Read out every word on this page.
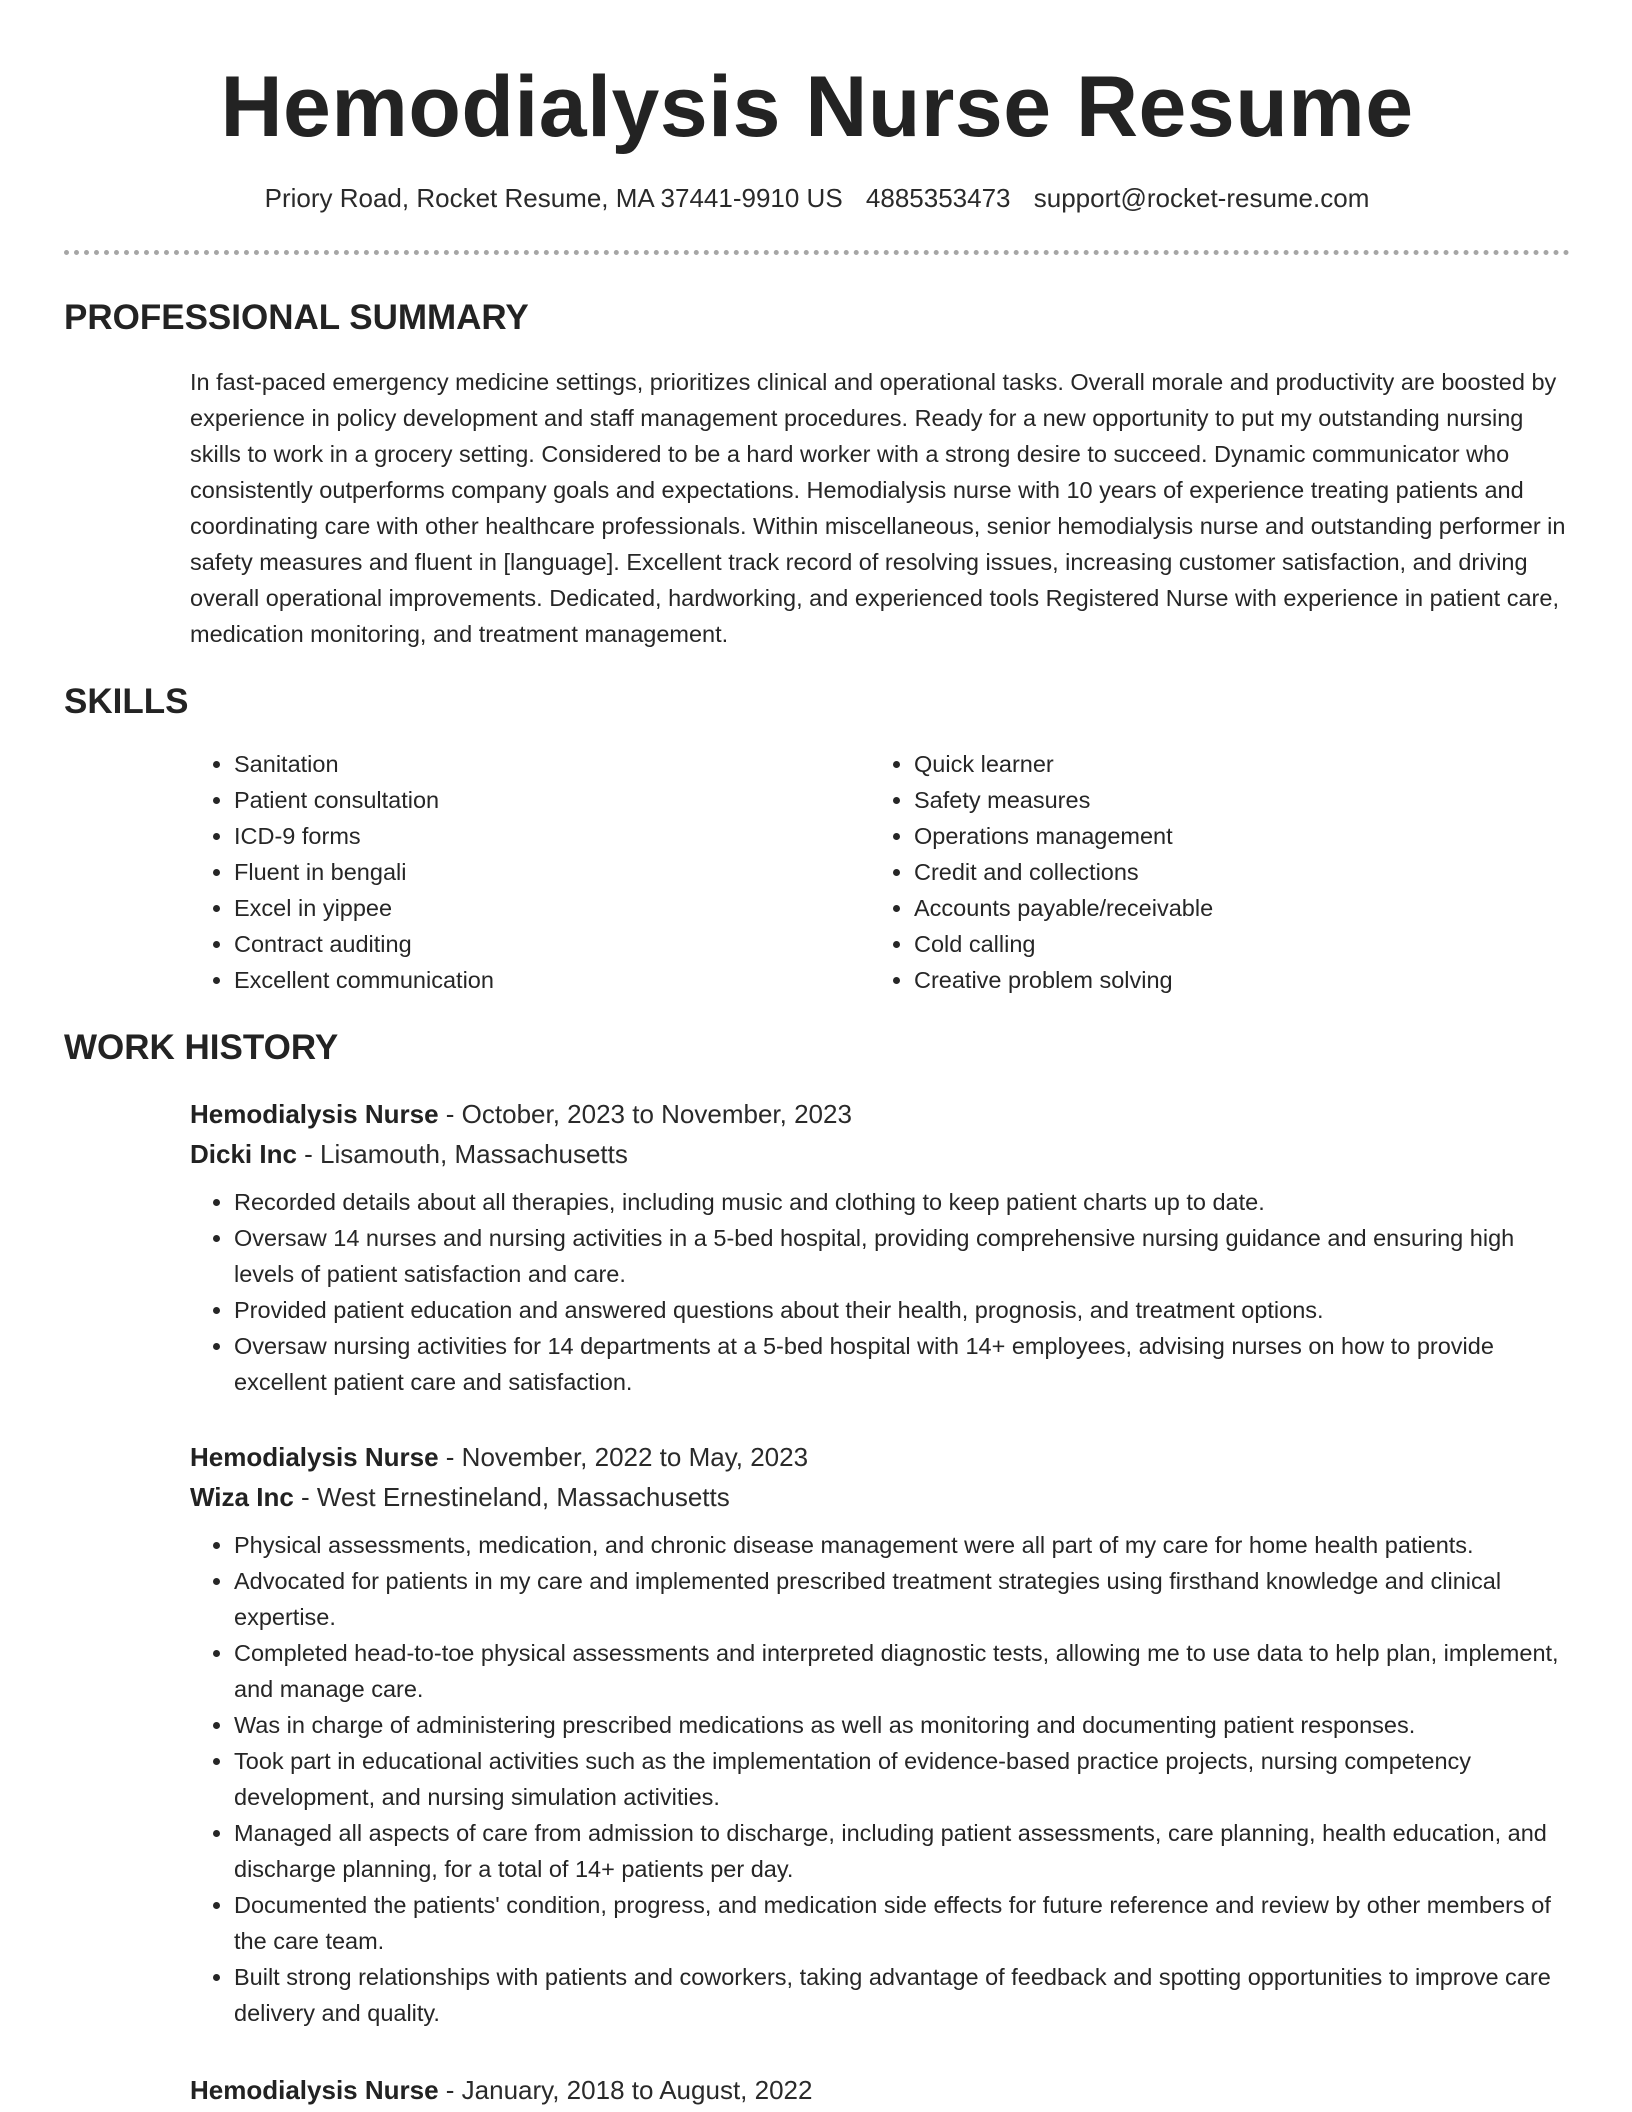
Hemodialysis Nurse Resume
Priory Road, Rocket Resume, MA 37441-9910 US 4885353473 support@rocket-resume.com
PROFESSIONAL SUMMARY

In fast-paced emergency medicine settings, prioritizes clinical and operational tasks. Overall morale and productivity are boosted by experience in policy development and staff management procedures. Ready for a new opportunity to put my outstanding nursing skills to work in a grocery setting. Considered to be a hard worker with a strong desire to succeed. Dynamic communicator who consistently outperforms company goals and expectations. Hemodialysis nurse with 10 years of experience treating patients and coordinating care with other healthcare professionals. Within miscellaneous, senior hemodialysis nurse and outstanding performer in safety measures and fluent in [language]. Excellent track record of resolving issues, increasing customer satisfaction, and driving overall operational improvements. Dedicated, hardworking, and experienced tools Registered Nurse with experience in patient care, medication monitoring, and treatment management.

SKILLS
• Sanitation
• Patient consultation
• ICD-9 forms
• Fluent in bengali
• Excel in yippee
• Contract auditing
• Excellent communication
• Quick learner
• Safety measures
• Operations management
• Credit and collections
• Accounts payable/receivable
• Cold calling
• Creative problem solving
WORK HISTORY
Hemodialysis Nurse - October, 2023 to November, 2023
Dicki Inc - Lisamouth, Massachusetts
• Recorded details about all therapies, including music and clothing to keep patient charts up to date.
• Oversaw 14 nurses and nursing activities in a 5-bed hospital, providing comprehensive nursing guidance and ensuring high levels of patient satisfaction and care.
• Provided patient education and answered questions about their health, prognosis, and treatment options.
• Oversaw nursing activities for 14 departments at a 5-bed hospital with 14+ employees, advising nurses on how to provide excellent patient care and satisfaction.
Hemodialysis Nurse - November, 2022 to May, 2023
Wiza Inc - West Ernestineland, Massachusetts
• Physical assessments, medication, and chronic disease management were all part of my care for home health patients.
• Advocated for patients in my care and implemented prescribed treatment strategies using firsthand knowledge and clinical expertise.
• Completed head-to-toe physical assessments and interpreted diagnostic tests, allowing me to use data to help plan, implement, and manage care.
• Was in charge of administering prescribed medications as well as monitoring and documenting patient responses.
• Took part in educational activities such as the implementation of evidence-based practice projects, nursing competency development, and nursing simulation activities.
• Managed all aspects of care from admission to discharge, including patient assessments, care planning, health education, and discharge planning, for a total of 14+ patients per day.
• Documented the patients' condition, progress, and medication side effects for future reference and review by other members of the care team.
• Built strong relationships with patients and coworkers, taking advantage of feedback and spotting opportunities to improve care delivery and quality.
Hemodialysis Nurse - January, 2018 to August, 2022
